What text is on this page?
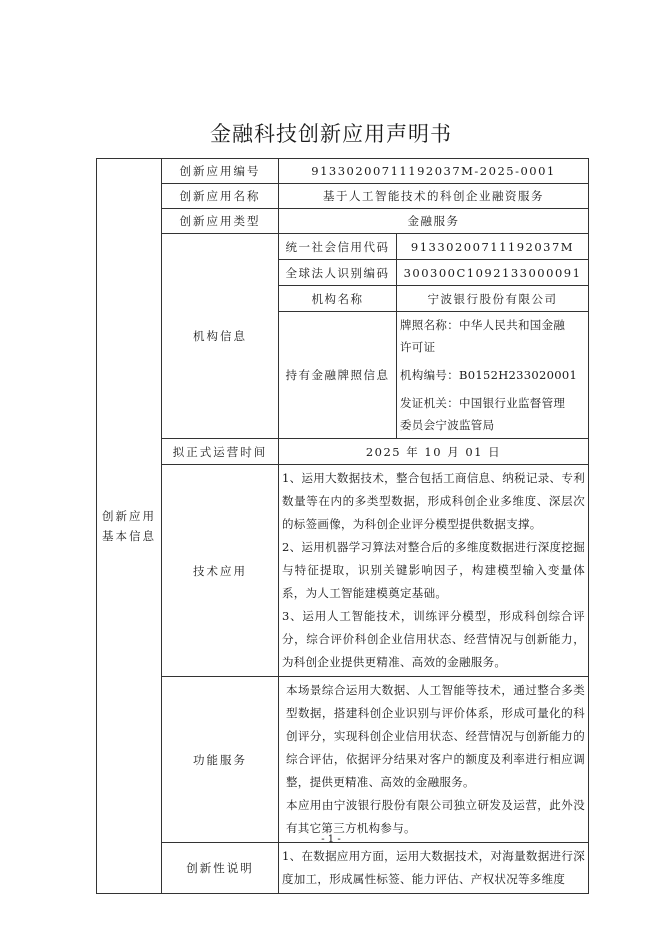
金融科技创新应用声明书
创新应用
基本信息	创新应用编号	91330200711192037M-2025-0001	
	创新应用名称	基于人工智能技术的科创企业融资服务	
	创新应用类型	金融服务	
	机构信息	统一社会信用代码	91330200711192037M
		全球法人识别编码	300300C1092133000091
		机构名称	宁波银行股份有限公司
		持有金融牌照信息	牌照名称：中华人民共和国金融

许可证

机构编号：B0152H233020001

发证机关：中国银行业监督管理

委员会宁波监管局

	拟正式运营时间	2025 年 10 月 01 日	
	技术应用	1、运用大数据技术，整合包括工商信息、纳税记录、专利数量等在内的多类型数据，形成科创企业多维度、深层次的标签画像，为科创企业评分模型提供数据支撑。

2、运用机器学习算法对整合后的多维度数据进行深度挖掘与特征提取，识别关键影响因子，构建模型输入变量体系，为人工智能建模奠定基础。

3、运用人工智能技术，训练评分模型，形成科创综合评分，综合评价科创企业信用状态、经营情况与创新能力，为科创企业提供更精准、高效的金融服务。	

	功能服务	本场景综合运用大数据、人工智能等技术，通过整合多类型数据，搭建科创企业识别与评价体系，形成可量化的科创评分，实现科创企业信用状态、经营情况与创新能力的综合评估，依据评分结果对客户的额度及利率进行相应调整，提供更精准、高效的金融服务。

本应用由宁波银行股份有限公司独立研发及运营，此外没有其它第三方机构参与。	

	创新性说明	1、在数据应用方面，运用大数据技术，对海量数据进行深度加工，形成属性标签、能力评估、产权状况等多维度	

- 1 -
